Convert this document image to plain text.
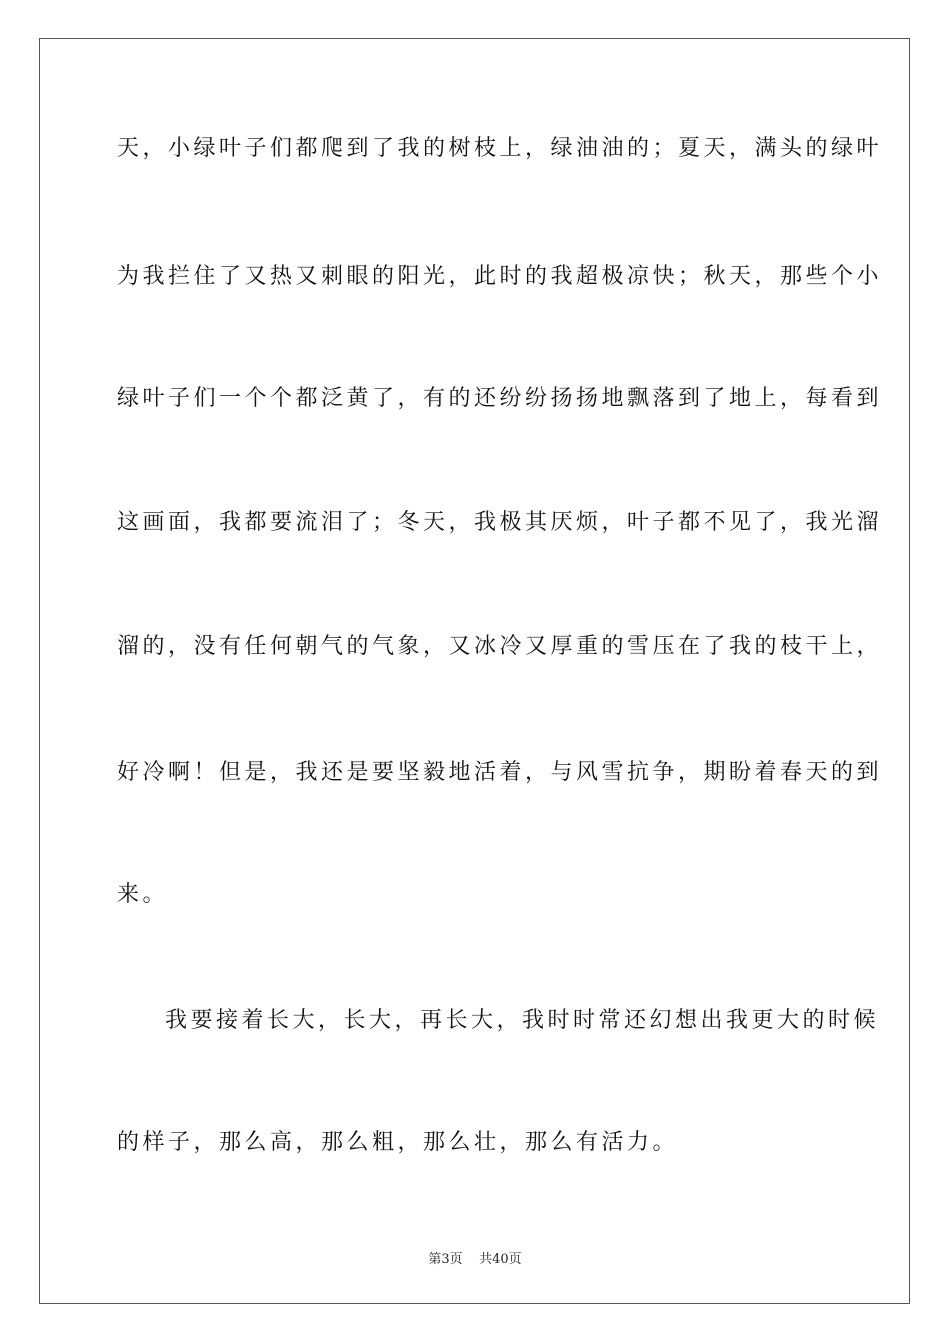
天，小绿叶子们都爬到了我的树枝上，绿油油的；夏天，满头的绿叶
为我拦住了又热又刺眼的阳光，此时的我超极凉快；秋天，那些个小
绿叶子们一个个都泛黄了，有的还纷纷扬扬地飘落到了地上，每看到
这画面，我都要流泪了；冬天，我极其厌烦，叶子都不见了，我光溜
溜的，没有任何朝气的气象，又冰冷又厚重的雪压在了我的枝干上，
好冷啊！但是，我还是要坚毅地活着，与风雪抗争，期盼着春天的到
来。
我要接着长大，长大，再长大，我时时常还幻想出我更大的时候
的样子，那么高，那么粗，那么壮，那么有活力。
第3页 共40页
